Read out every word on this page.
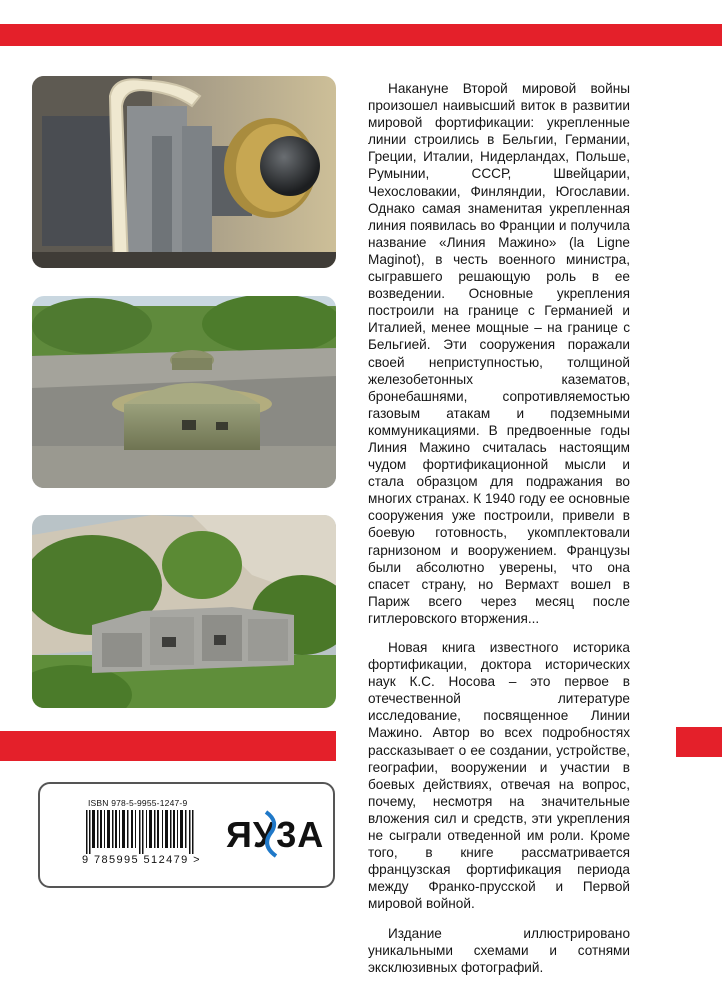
ISBN 978-5-9955-1247-9
9 785995 512479 >
ЯУ3А

Накануне Второй мировой войны произошел наивысший виток в развитии мировой фортификации: укрепленные линии строились в Бельгии, Германии, Греции, Италии, Нидерландах, Польше, Румынии, СССР, Швейцарии, Чехословакии, Финляндии, Югославии. Однако самая знаменитая укрепленная линия появилась во Франции и получила название «Линия Мажино» (la Ligne Maginot), в честь военного министра, сыгравшего решающую роль в ее возведении. Основные укрепления построили на границе с Германией и Италией, менее мощные – на границе с Бельгией. Эти сооружения поражали своей неприступностью, толщиной железобетонных казематов, бронебашнями, сопротивляемостью газовым атакам и подземными коммуникациями. В предвоенные годы Линия Мажино считалась настоящим чудом фортификационной мысли и стала образцом для подражания во многих странах. К 1940 году ее основные сооружения уже построили, привели в боевую готовность, укомплектовали гарнизоном и вооружением. Французы были абсолютно уверены, что она спасет страну, но Вермахт вошел в Париж всего через месяц после гитлеровского вторжения...

Новая книга известного историка фортификации, доктора исторических наук К.С. Носова – это первое в отечественной литературе исследование, посвященное Линии Мажино. Автор во всех подробностях рассказывает о ее создании, устройстве, географии, вооружении и участии в боевых действиях, отвечая на вопрос, почему, несмотря на значительные вложения сил и средств, эти укрепления не сыграли отведенной им роли. Кроме того, в книге рассматривается французская фортификация периода между Франко-прусской и Первой мировой войной.

Издание иллюстрировано уникальными схемами и сотнями эксклюзивных фотографий.
